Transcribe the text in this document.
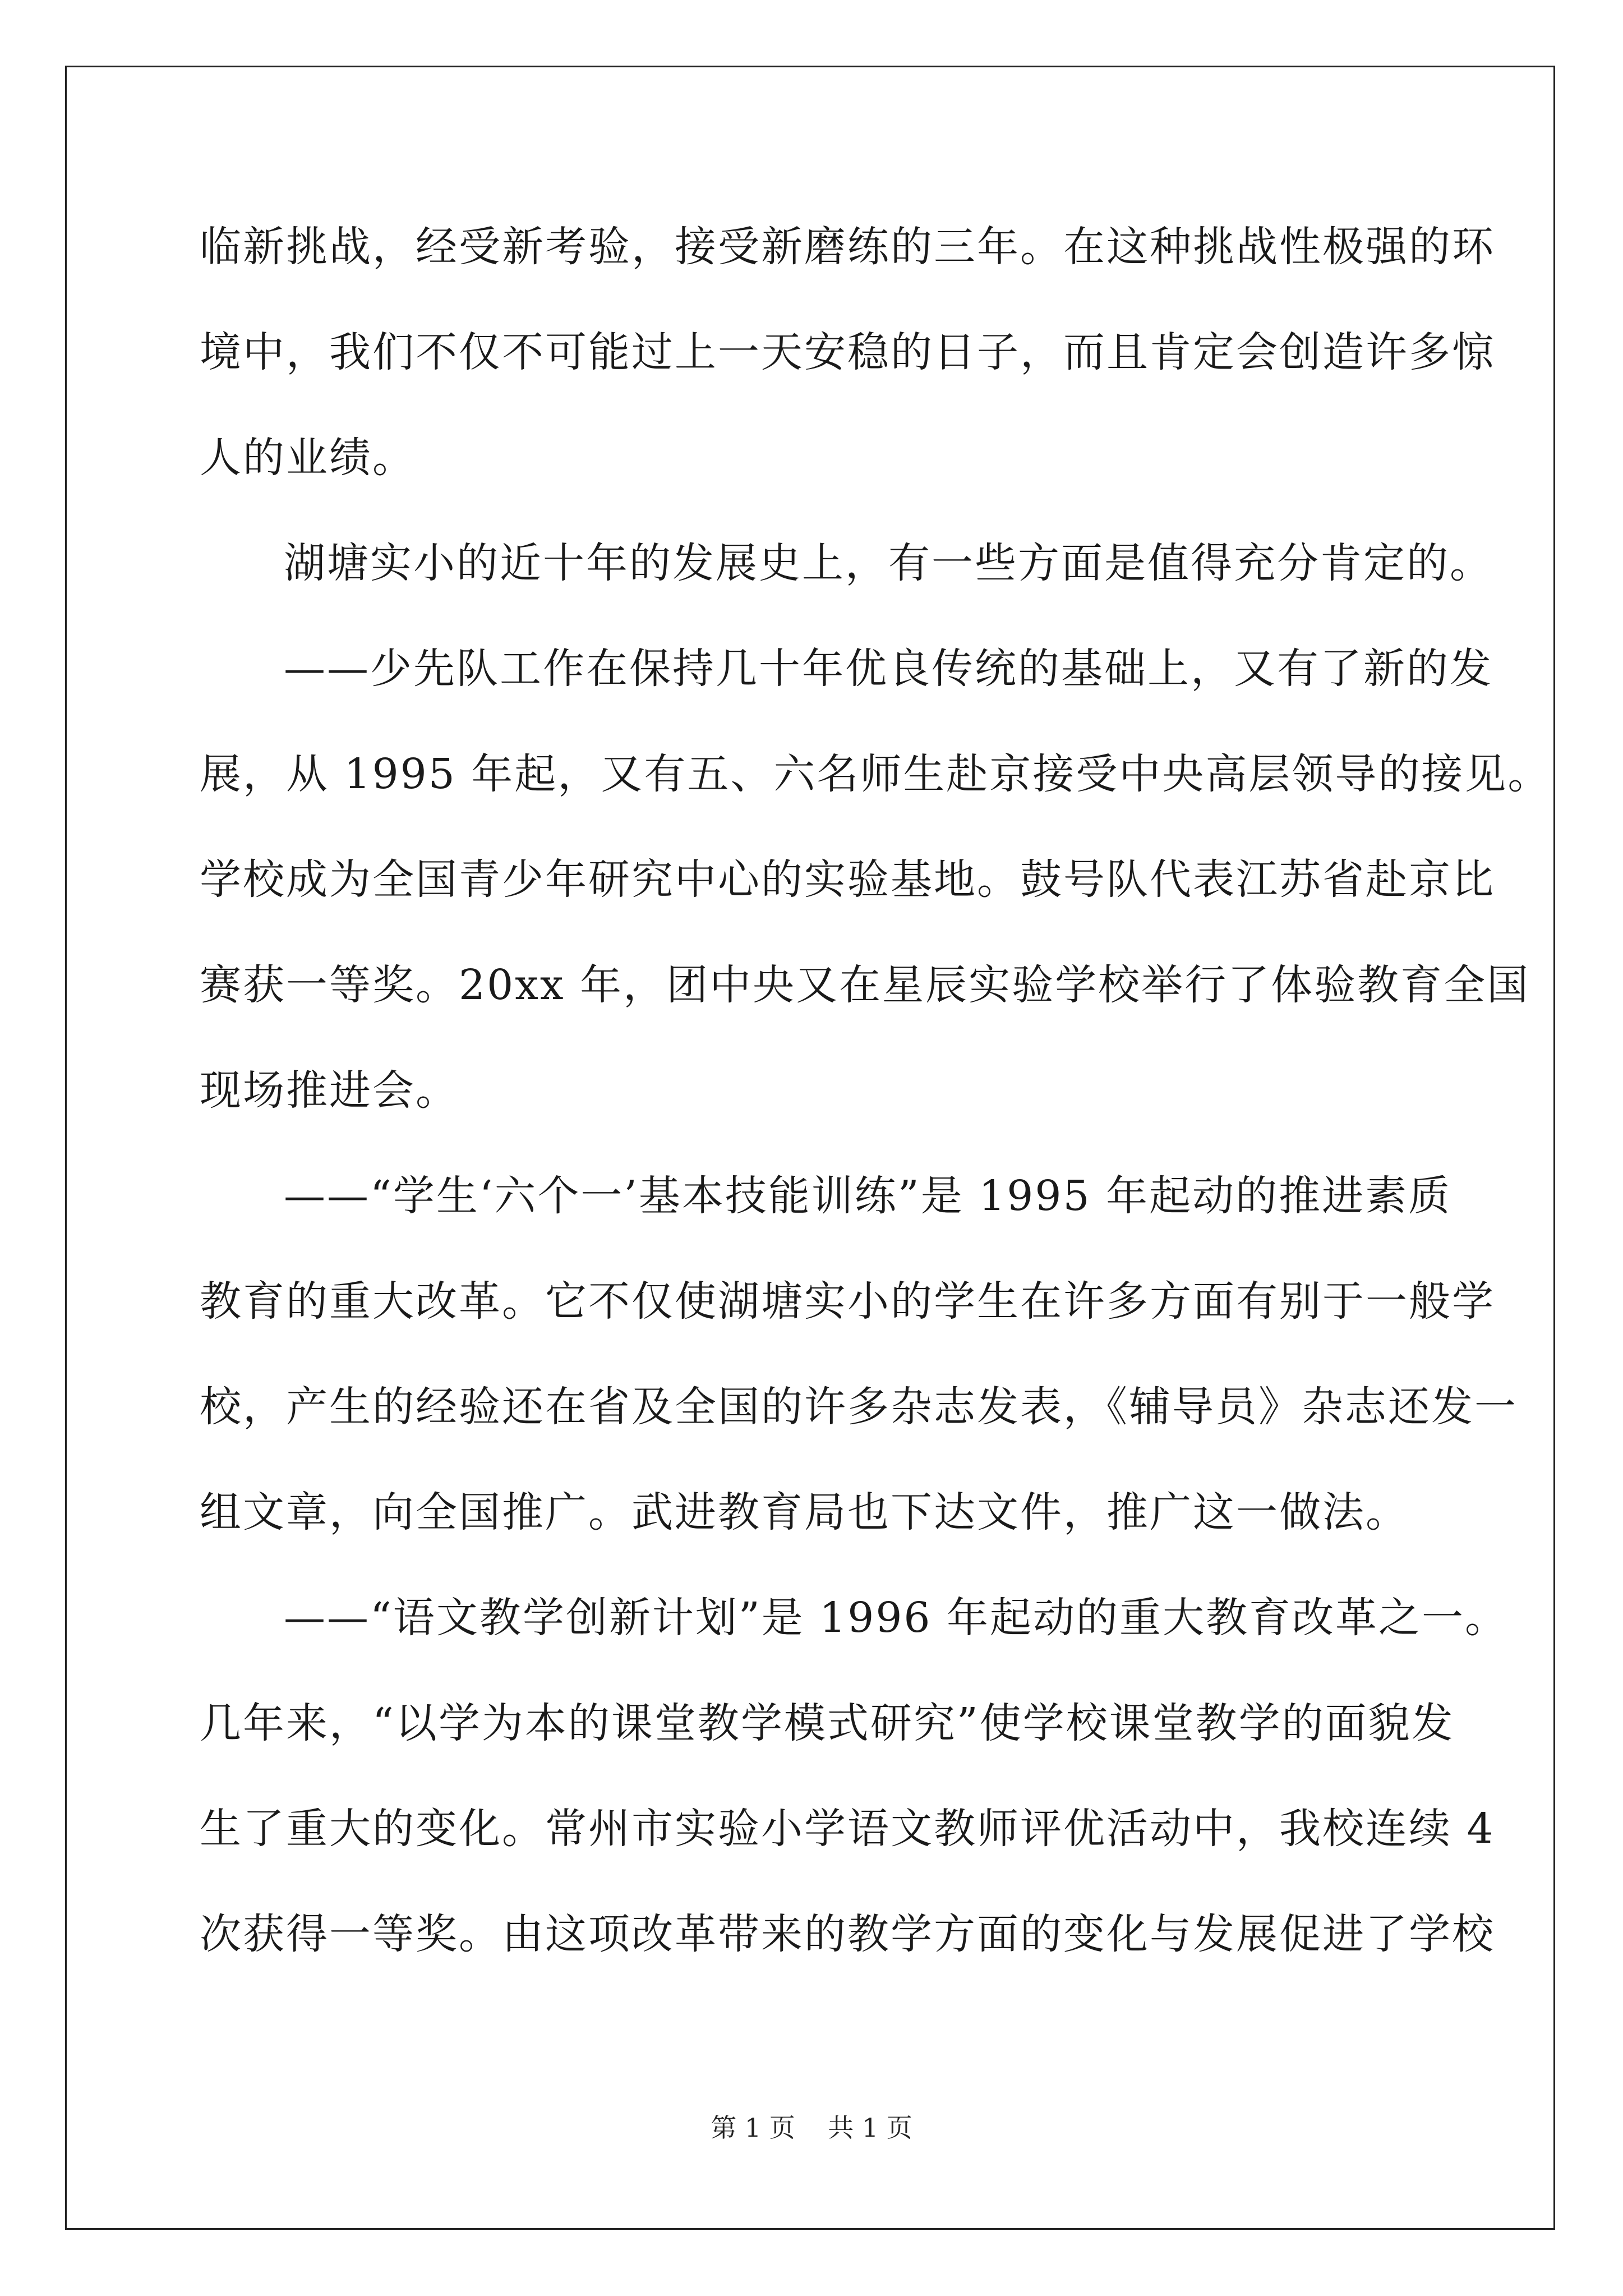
临新挑战，经受新考验，接受新磨练的三年。在这种挑战性极强的环
境中，我们不仅不可能过上一天安稳的日子，而且肯定会创造许多惊
人的业绩。
湖塘实小的近十年的发展史上，有一些方面是值得充分肯定的。
——少先队工作在保持几十年优良传统的基础上，又有了新的发
展，从 1995 年起，又有五、六名师生赴京接受中央高层领导的接见。
学校成为全国青少年研究中心的实验基地。鼓号队代表江苏省赴京比
赛获一等奖。20xx 年，团中央又在星辰实验学校举行了体验教育全国
现场推进会。
——“学生‘六个一’基本技能训练”是 1995 年起动的推进素质
教育的重大改革。它不仅使湖塘实小的学生在许多方面有别于一般学
校，产生的经验还在省及全国的许多杂志发表，《辅导员》杂志还发一
组文章，向全国推广。武进教育局也下达文件，推广这一做法。
——“语文教学创新计划”是 1996 年起动的重大教育改革之一。
几年来，“以学为本的课堂教学模式研究”使学校课堂教学的面貌发
生了重大的变化。常州市实验小学语文教师评优活动中，我校连续 4
次获得一等奖。由这项改革带来的教学方面的变化与发展促进了学校
第 1 页    共 1 页
